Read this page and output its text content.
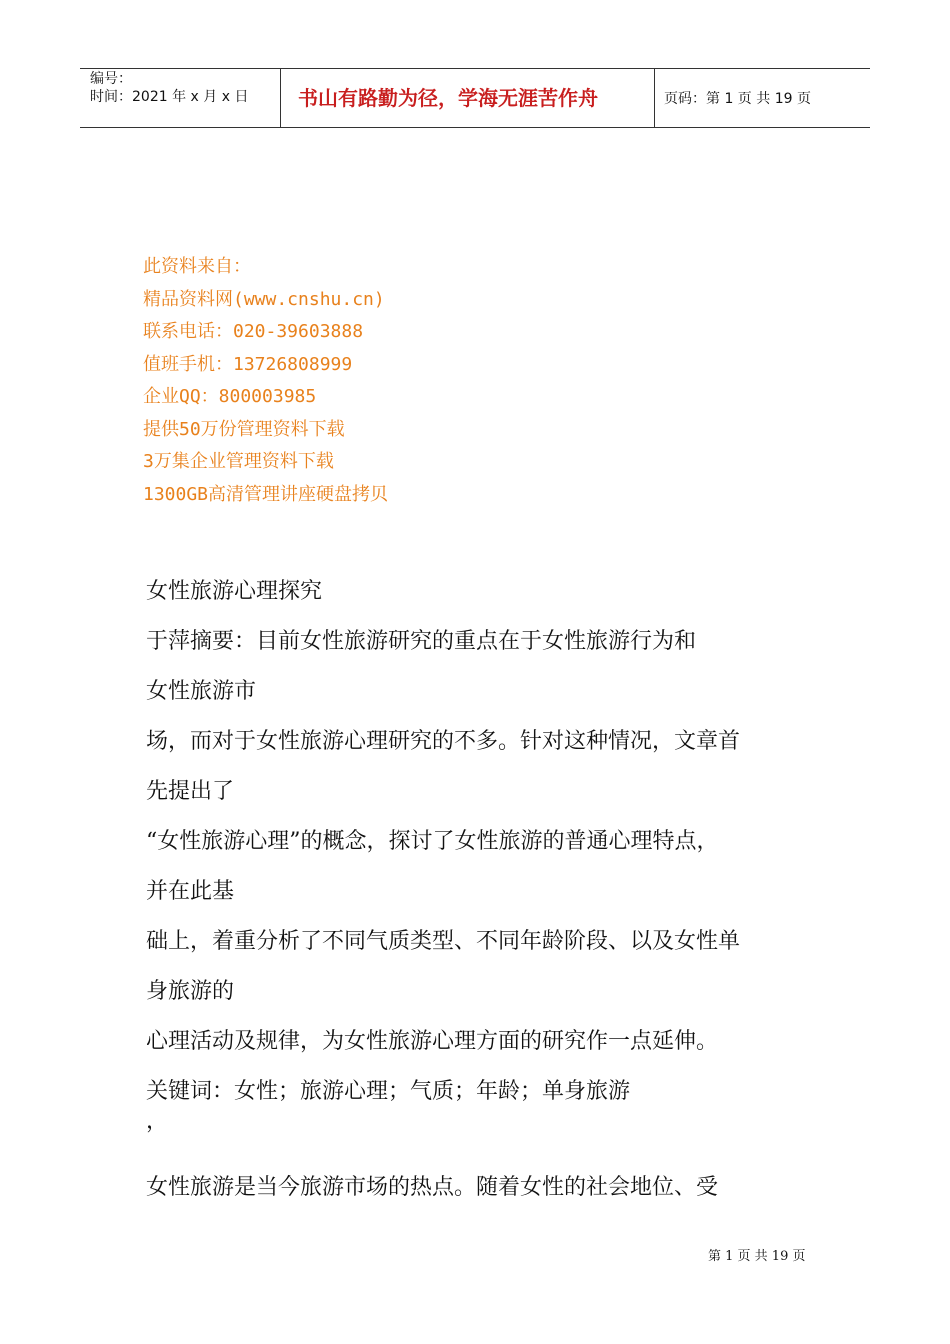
编号：
时间：2021 年 x 月 x 日 书山有路勤为径，学海无涯苦作舟	页码：第 1 页 共 19 页
此资料来自：
精品资料网(www.cnshu.cn)
联系电话：020-39603888
值班手机：13726808999
企业QQ：800003985
提供50万份管理资料下载
3万集企业管理资料下载
1300GB高清管理讲座硬盘拷贝
女性旅游心理探究
于萍摘要：目前女性旅游研究的重点在于女性旅游行为和
女性旅游市
场，而对于女性旅游心理研究的不多。针对这种情况，文章首
先提出了
“女性旅游心理”的概念，探讨了女性旅游的普通心理特点，
并在此基
础上，着重分析了不同气质类型、不同年龄阶段、以及女性单
身旅游的
心理活动及规律，为女性旅游心理方面的研究作一点延伸。
关键词：女性；旅游心理；气质；年龄；单身旅游
，
女性旅游是当今旅游市场的热点。随着女性的社会地位、受
第 1 页 共 19 页
